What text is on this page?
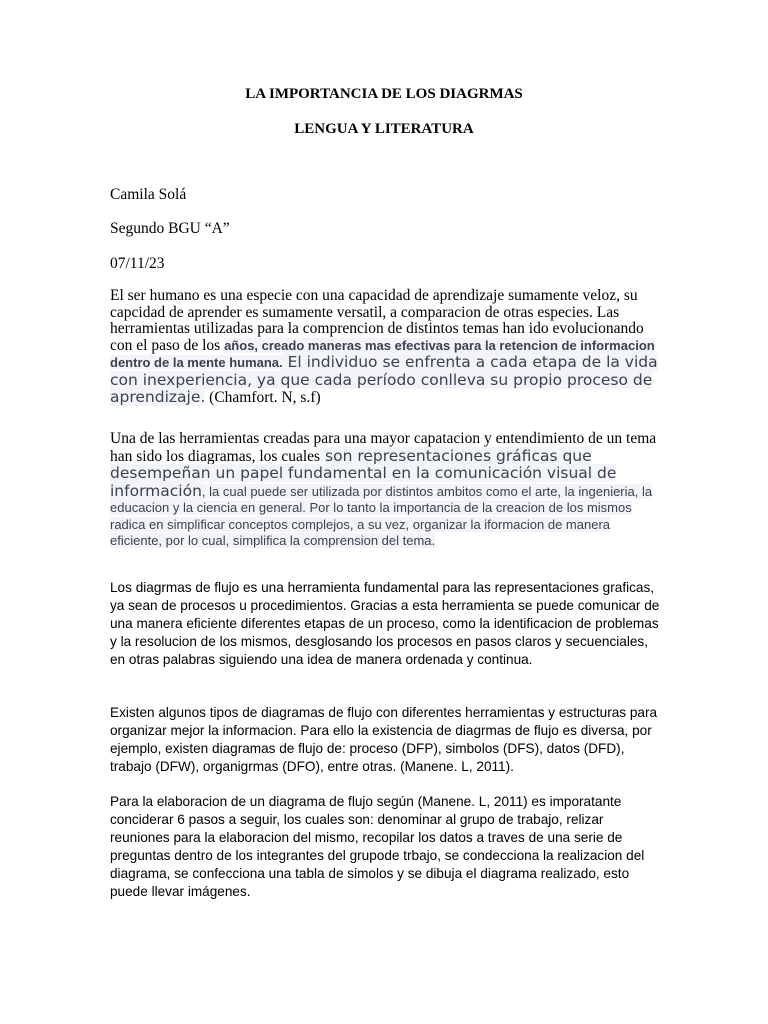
LA IMPORTANCIA DE LOS DIAGRMAS

LENGUA Y LITERATURA

Camila Solá

Segundo BGU “A”

07/11/23

El ser humano es una especie con una capacidad de aprendizaje sumamente veloz, su capcidad de aprender es sumamente versatil, a comparacion de otras especies. Las herramientas utilizadas para la comprencion de distintos temas han ido evolucionando con el paso de los años, creado maneras mas efectivas para la retencion de informacion dentro de la mente humana. El individuo se enfrenta a cada etapa de la vida con inexperiencia, ya que cada período conlleva su propio proceso de aprendizaje. (Chamfort. N, s.f)

Una de las herramientas creadas para una mayor capatacion y entendimiento de un tema han sido los diagramas, los cuales son representaciones gráficas que desempeñan un papel fundamental en la comunicación visual de información, la cual puede ser utilizada por distintos ambitos como el arte, la ingenieria, la educacion y la ciencia en general. Por lo tanto la importancia de la creacion de los mismos radica en simplificar conceptos complejos, a su vez, organizar la iformacion de manera eficiente, por lo cual, simplifica la comprension del tema.

Los diagrmas de flujo es una herramienta fundamental para las representaciones graficas, ya sean de procesos u procedimientos. Gracias a esta herramienta se puede comunicar de una manera eficiente diferentes etapas de un proceso, como la identificacion de problemas y la resolucion de los mismos, desglosando los procesos en pasos claros y secuenciales, en otras palabras siguiendo una idea de manera ordenada y continua.

Existen algunos tipos de diagramas de flujo con diferentes herramientas y estructuras para organizar mejor la informacion. Para ello la existencia de diagrmas de flujo es diversa, por ejemplo, existen diagramas de flujo de: proceso (DFP), simbolos (DFS), datos (DFD), trabajo (DFW), organigrmas (DFO), entre otras. (Manene. L, 2011).

Para la elaboracion de un diagrama de flujo según (Manene. L, 2011) es imporatante conciderar 6 pasos a seguir, los cuales son: denominar al grupo de trabajo, relizar reuniones para la elaboracion del mismo, recopilar los datos a traves de una serie de preguntas dentro de los integrantes del grupode trbajo, se condecciona la realizacion del diagrama, se confecciona una tabla de simolos y se dibuja el diagrama realizado, esto puede llevar imágenes.
